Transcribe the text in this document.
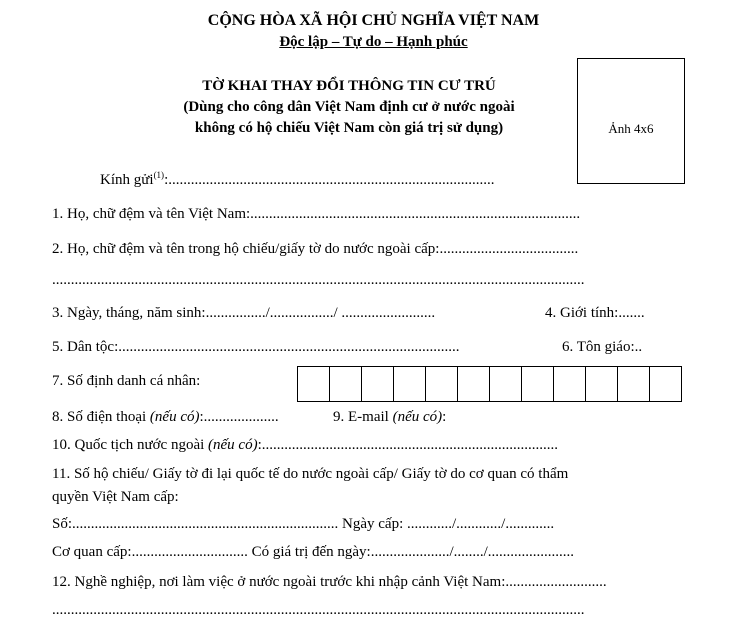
CỘNG HÒA XÃ HỘI CHỦ NGHĨA VIỆT NAM
Độc lập – Tự do – Hạnh phúc
TỜ KHAI THAY ĐỔI THÔNG TIN CƯ TRÚ
(Dùng cho công dân Việt Nam định cư ở nước ngoài
không có hộ chiếu Việt Nam còn giá trị sử dụng)	Ảnh 4x6
Kính gửi$^{(1)}$:.......................................................................................
1. Họ, chữ đệm và tên Việt Nam:........................................................................................
2. Họ, chữ đệm và tên trong hộ chiếu/giấy tờ do nước ngoài cấp:.....................................
..............................................................................................................................................
3. Ngày, tháng, năm sinh:................/................./ .........................	4. Giới tính:.......
5. Dân tộc:...........................................................................................	6. Tôn giáo:..
7. Số định danh cá nhân:
8. Số điện thoại (nếu có):....................	9. E-mail (nếu có):
10. Quốc tịch nước ngoài (nếu có):...............................................................................
11. Số hộ chiếu/ Giấy tờ đi lại quốc tế do nước ngoài cấp/ Giấy tờ do cơ quan có thẩm
quyền Việt Nam cấp:
Số:....................................................................... Ngày cấp: ............/............/.............
Cơ quan cấp:............................... Có giá trị đến ngày:...................../......../.......................
12. Nghề nghiệp, nơi làm việc ở nước ngoài trước khi nhập cảnh Việt Nam:...........................
..............................................................................................................................................
